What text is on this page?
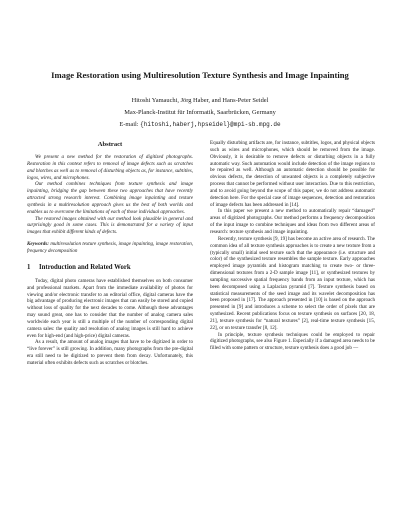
Image Restoration using Multiresolution Texture Synthesis and Image Inpainting
Hitoshi Yamauchi, Jörg Haber, and Hans-Peter Seidel
Max-Planck-Institut für Informatik, Saarbrücken, Germany
E-mail: {hitoshi,haberj,hpseidel}@mpi-sb.mpg.de
Abstract

We present a new method for the restoration of digitized photographs. Restoration in this context refers to removal of image defects such as scratches and blotches as well as to removal of disturbing objects as, for instance, subtitles, logos, wires, and microphones.

Our method combines techniques from texture synthesis and image inpainting, bridging the gap between these two approaches that have recently attracted strong research interest. Combining image inpainting and texture synthesis in a multiresolution approach gives us the best of both worlds and enables us to overcome the limitations of each of those individual approaches.

The restored images obtained with our method look plausible in general and surprisingly good in some cases. This is demonstrated for a variety of input images that exhibit different kinds of defects.

Keywords: multiresolution texture synthesis, image inpainting, image restoration, frequency decomposition

1 Introduction and Related Work

Today, digital photo cameras have established themselves on both consumer and professional markets. Apart from the immediate availability of photos for viewing and/or electronic transfer to an editorial office, digital cameras have the big advantage of producing electronic images that can easily be stored and copied without loss of quality for the next decades to come. Although these advantages may sound great, one has to consider that the number of analog camera sales worldwide each year is still a multiple of the number of corresponding digital camera sales: the quality and resolution of analog images is still hard to achieve even for high-end (and high-price) digital cameras.

As a result, the amount of analog images that have to be digitized in order to “live forever” is still growing. In addition, many photographs from the pre-digital era still need to be digitized to prevent them from decay. Unfortunately, this material often exhibits defects such as scratches or blotches.

Equally disturbing artifacts are, for instance, subtitles, logos, and physical objects such as wires and microphones, which should be removed from the image. Obviously, it is desirable to remove defects or disturbing objects in a fully automatic way. Such automation would include detection of the image regions to be repaired as well. Although an automatic detection should be possible for obvious defects, the detection of unwanted objects is a completely subjective process that cannot be performed without user interaction. Due to this restriction, and to avoid going beyond the scope of this paper, we do not address automatic detection here. For the special case of image sequences, detection and restoration of image defects has been addressed in [14].

In this paper we present a new method to automatically repair “damaged” areas of digitized photographs. Our method performs a frequency decomposition of the input image to combine techniques and ideas from two different areas of research: texture synthesis and image inpainting.

Recently, texture synthesis [9, 19] has become an active area of research. The common idea of all texture synthesis approaches is to create a new texture from a (typically small) initial seed texture such that the appearance (i.e. structure and color) of the synthesized texture resembles the sample texture. Early approaches employed image pyramids and histogram matching to create two- or three-dimensional textures from a 2-D sample image [11], or synthesized textures by sampling successive spatial frequency bands from an input texture, which has been decomposed using a Laplacian pyramid [7]. Texture synthesis based on statistical measurements of the seed image and its wavelet decomposition has been proposed in [17]. The approach presented in [10] is based on the approach presented in [9] and introduces a scheme to select the order of pixels that are synthesized. Recent publications focus on texture synthesis on surfaces [20, 18, 21], texture synthesis for “natural textures” [2], real-time texture synthesis [15, 22], or on texture transfer [8, 12].

In principle, texture synthesis techniques could be employed to repair digitized photographs, see also Figure 1. Especially if a damaged area needs to be filled with some pattern or structure, texture synthesis does a good job —
